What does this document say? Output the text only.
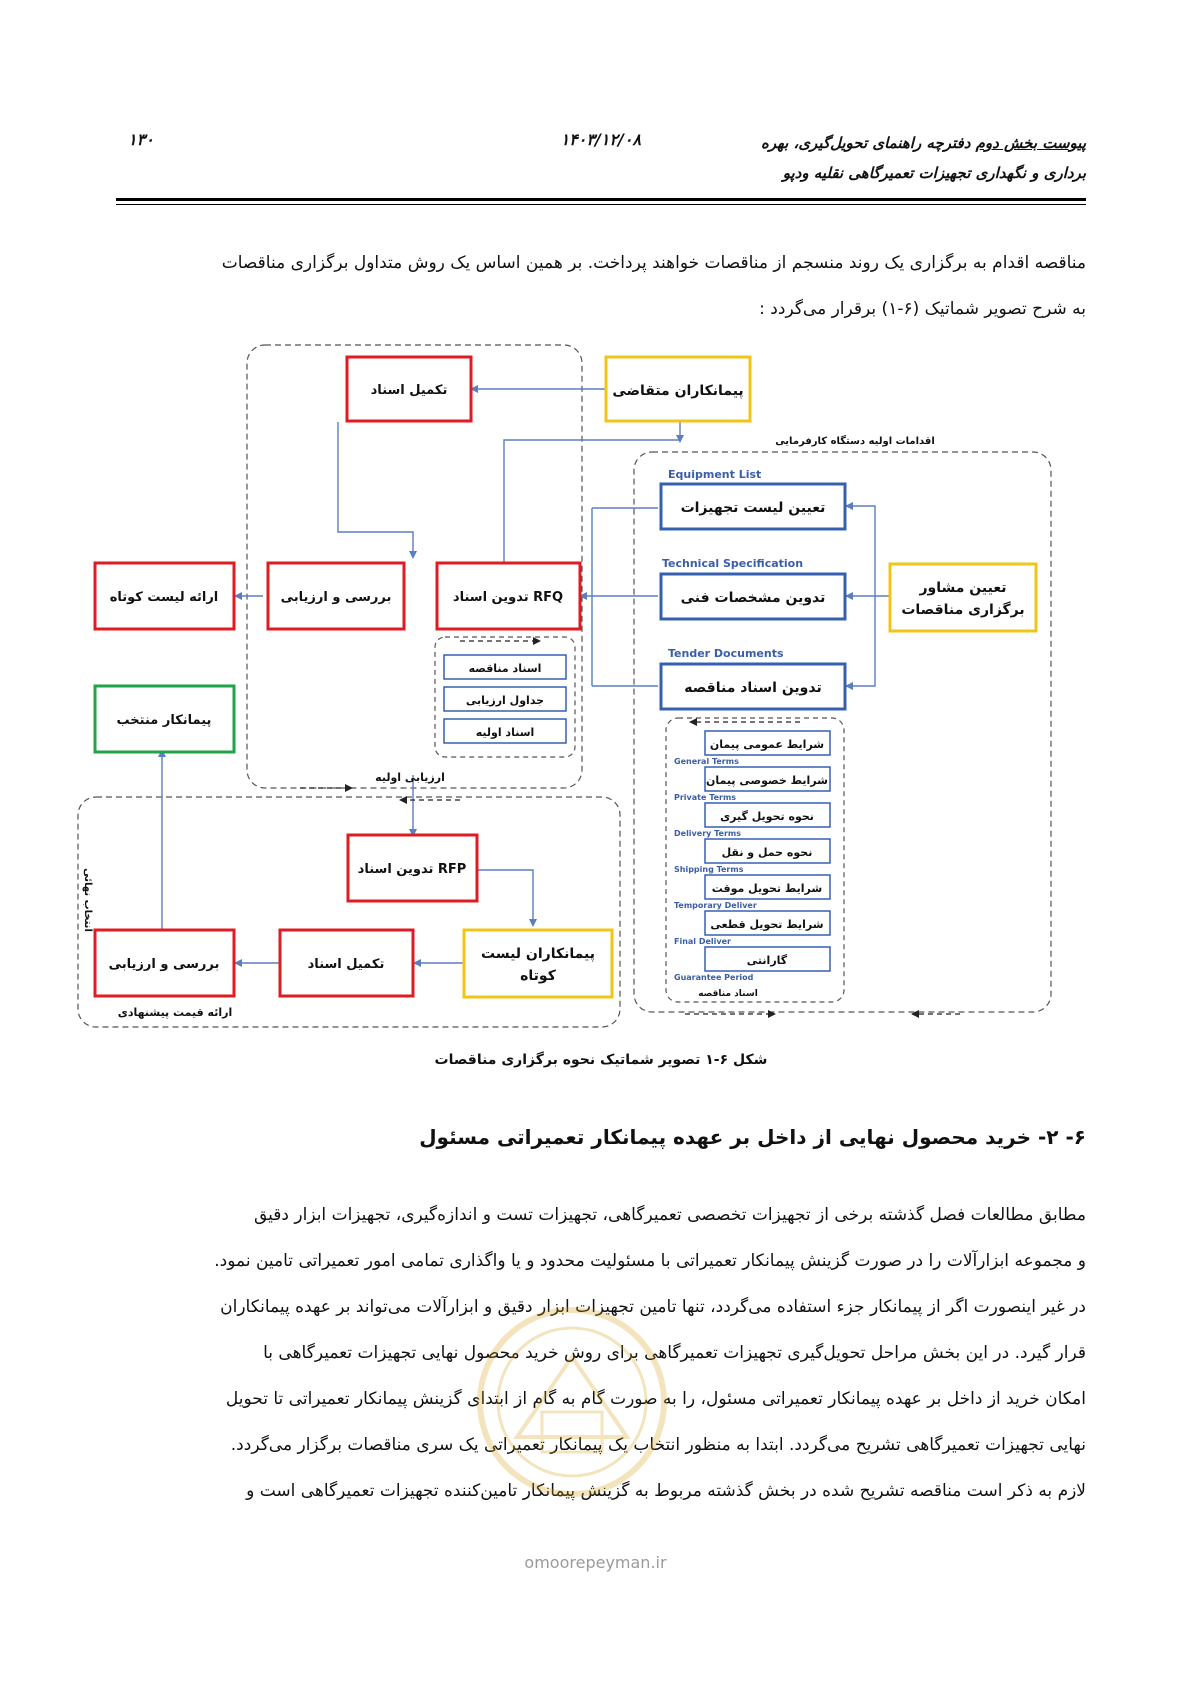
پیوست بخش دوم دفترچه راهنمای تحویل‌گیری، بهره
برداری و نگهداری تجهیزات تعمیرگاهی نقلیه ودپو
۱۴۰۳/۱۲/۰۸
۱۳۰

مناقصه اقدام به برگزاری یک روند منسجم از مناقصات خواهند پرداخت. بر همین اساس یک روش متداول برگزاری مناقصات

به شرح تصویر شماتیک (۶-۱) برقرار می‌گردد :

پیمانکاران متقاضی
تعیین مشاور
برگزاری مناقصات
پیمانکاران لیست
کوتاه
تکمیل اسناد
تدوین اسناد RFQ
بررسی و ارزیابی
ارائه لیست کوتاه
تدوین اسناد RFP
تکمیل اسناد
بررسی و ارزیابی
پیمانکار منتخب
Equipment List
تعیین لیست تجهیزات
Technical Specification
تدوین مشخصات فنی
Tender Documents
تدوین اسناد مناقصه
اقدامات اولیه دستگاه کارفرمایی
ارزیابی اولیه
ارائه قیمت پیشنهادی
اسناد مناقصه
انتخاب نهائی
اسناد مناقصه
جداول ارزیابی
اسناد اولیه
شرایط عمومی پیمان
General Terms
شرایط خصوصی پیمان
Private Terms
نحوه تحویل گیری
Delivery Terms
نحوه حمل و نقل
Shipping Terms
شرایط تحویل موقت
Temporary Deliver
شرایط تحویل قطعی
Final Deliver
گارانتی
Guarantee Period
شکل ۶-۱ تصویر شماتیک نحوه برگزاری مناقصات
۶- ۲- خرید محصول نهایی از داخل بر عهده پیمانکار تعمیراتی مسئول

مطابق مطالعات فصل گذشته برخی از تجهیزات تخصصی تعمیرگاهی، تجهیزات تست و اندازه‌گیری، تجهیزات ابزار دقیق

و مجموعه ابزارآلات را در صورت گزینش پیمانکار تعمیراتی با مسئولیت محدود و یا واگذاری تمامی امور تعمیراتی تامین نمود.

در غیر اینصورت اگر از پیمانکار جزء استفاده می‌گردد، تنها تامین تجهیزات ابزار دقیق و ابزارآلات می‌تواند بر عهده پیمانکاران

قرار گیرد. در این بخش مراحل تحویل‌گیری تجهیزات تعمیرگاهی برای روش خرید محصول نهایی تجهیزات تعمیرگاهی با

امکان خرید از داخل بر عهده پیمانکار تعمیراتی مسئول، را به صورت گام به گام از ابتدای گزینش پیمانکار تعمیراتی تا تحویل

نهایی تجهیزات تعمیرگاهی تشریح می‌گردد. ابتدا به منظور انتخاب یک پیمانکار تعمیراتی یک سری مناقصات برگزار می‌گردد.

لازم به ذکر است مناقصه تشریح شده در بخش گذشته مربوط به گزینش پیمانکار تامین‌کننده تجهیزات تعمیرگاهی است و

omoorepeyman.ir
